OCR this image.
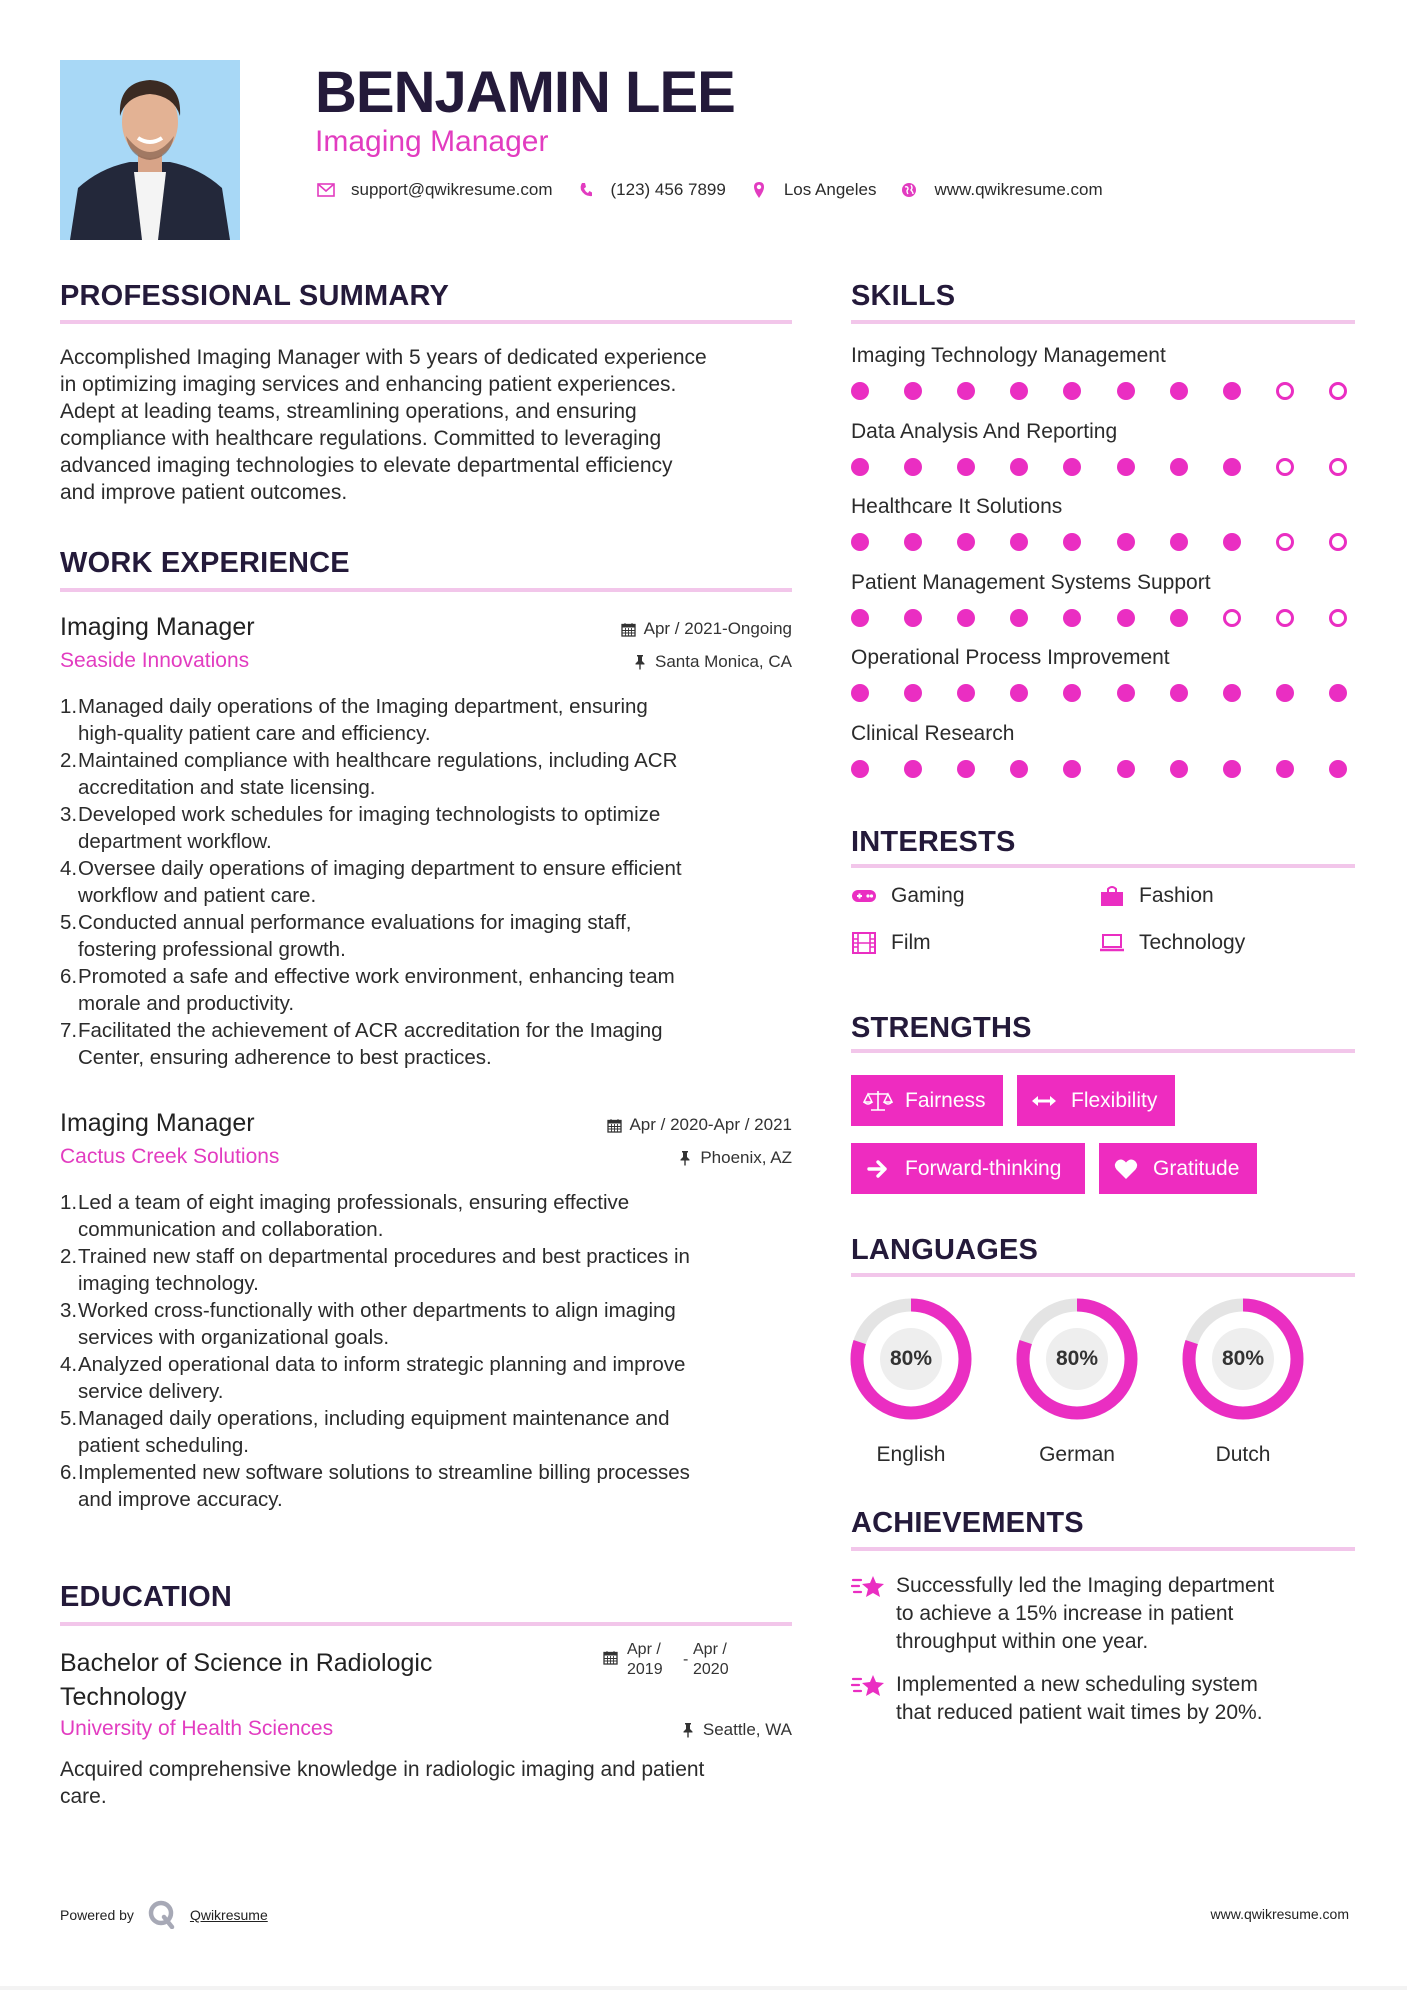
BENJAMIN LEE
Imaging Manager
support@qwikresume.com	(123) 456 7899	Los Angeles	www.qwikresume.com
PROFESSIONAL SUMMARY
Accomplished Imaging Manager with 5 years of dedicated experience
in optimizing imaging services and enhancing patient experiences.
Adept at leading teams, streamlining operations, and ensuring
compliance with healthcare regulations. Committed to leveraging
advanced imaging technologies to elevate departmental efficiency
and improve patient outcomes.
WORK EXPERIENCE
Imaging Manager	Apr / 2021-Ongoing
Seaside Innovations	Santa Monica, CA
1. Managed daily operations of the Imaging department, ensuring
high-quality patient care and efficiency.
2. Maintained compliance with healthcare regulations, including ACR
accreditation and state licensing.
3. Developed work schedules for imaging technologists to optimize
department workflow.
4. Oversee daily operations of imaging department to ensure efficient
workflow and patient care.
5. Conducted annual performance evaluations for imaging staff,
fostering professional growth.
6. Promoted a safe and effective work environment, enhancing team
morale and productivity.
7. Facilitated the achievement of ACR accreditation for the Imaging
Center, ensuring adherence to best practices.
Imaging Manager	Apr / 2020-Apr / 2021
Cactus Creek Solutions	Phoenix, AZ
1. Led a team of eight imaging professionals, ensuring effective
communication and collaboration.
2. Trained new staff on departmental procedures and best practices in
imaging technology.
3. Worked cross-functionally with other departments to align imaging
services with organizational goals.
4. Analyzed operational data to inform strategic planning and improve
service delivery.
5. Managed daily operations, including equipment maintenance and
patient scheduling.
6. Implemented new software solutions to streamline billing processes
and improve accuracy.
EDUCATION
Bachelor of Science in Radiologic
Technology
Apr /
2019
-
Apr /
2020
University of Health Sciences	Seattle, WA
Acquired comprehensive knowledge in radiologic imaging and patient
care.
SKILLS
Imaging Technology Management
Data Analysis And Reporting
Healthcare It Solutions
Patient Management Systems Support
Operational Process Improvement
Clinical Research
INTERESTS
Gaming	Fashion
Film	Technology
STRENGTHS
Fairness	Flexibility
Forward-thinking	Gratitude
LANGUAGES
80%
English
80%
German
80%
Dutch
ACHIEVEMENTS
Successfully led the Imaging department
to achieve a 15% increase in patient
throughput within one year.
Implemented a new scheduling system
that reduced patient wait times by 20%.
Powered by	Qwikresume	www.qwikresume.com
